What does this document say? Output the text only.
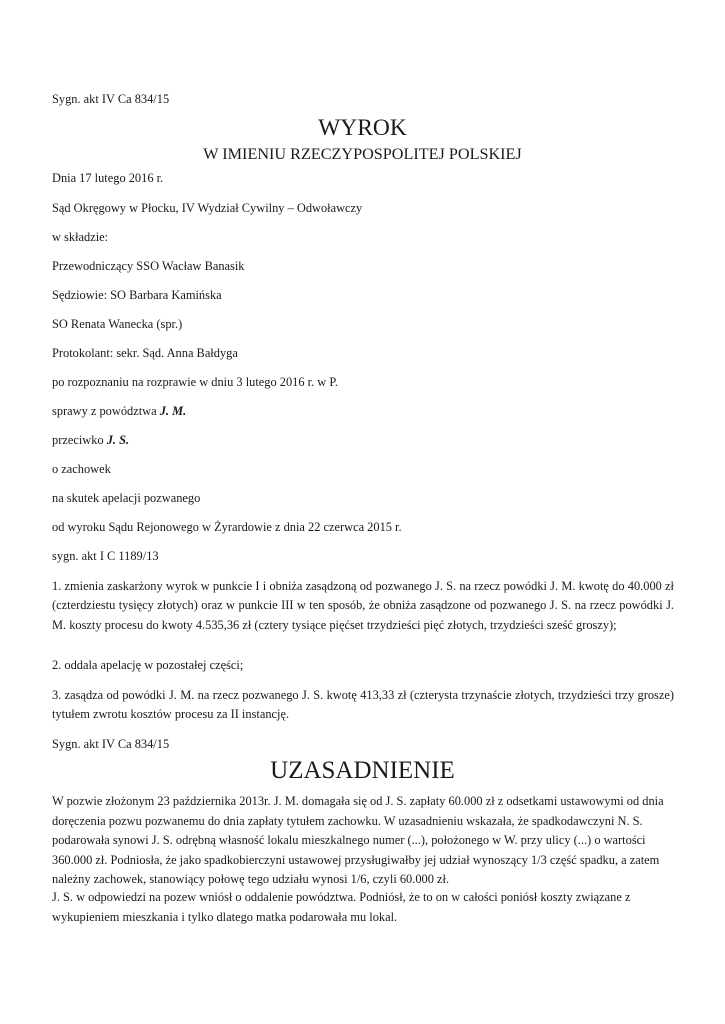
Sygn. akt IV Ca 834/15

WYROK
W IMIENIU RZECZYPOSPOLITEJ POLSKIEJ

Dnia 17 lutego 2016 r.

Sąd Okręgowy w Płocku, IV Wydział Cywilny – Odwoławczy

w składzie:

Przewodniczący SSO Wacław Banasik

Sędziowie: SO Barbara Kamińska

SO Renata Wanecka (spr.)

Protokolant: sekr. Sąd. Anna Bałdyga

po rozpoznaniu na rozprawie w dniu 3 lutego 2016 r. w P.

sprawy z powództwa J. M.

przeciwko J. S.

o zachowek

na skutek apelacji pozwanego

od wyroku Sądu Rejonowego w Żyrardowie z dnia 22 czerwca 2015 r.

sygn. akt I C 1189/13

1. zmienia zaskarżony wyrok w punkcie I i obniża zasądzoną od pozwanego J. S. na rzecz powódki J. M. kwotę do 40.000 zł (czterdziestu tysięcy złotych) oraz w punkcie III w ten sposób, że obniża zasądzone od pozwanego J. S. na rzecz powódki J. M. koszty procesu do kwoty 4.535,36 zł (cztery tysiące pięćset trzydzieści pięć złotych, trzydzieści sześć groszy);

2. oddala apelację w pozostałej części;

3. zasądza od powódki J. M. na rzecz pozwanego J. S. kwotę 413,33 zł (czterysta trzynaście złotych, trzydzieści trzy grosze) tytułem zwrotu kosztów procesu za II instancję.

Sygn. akt IV Ca 834/15

UZASADNIENIE

W pozwie złożonym 23 października 2013r. J. M. domagała się od J. S. zapłaty 60.000 zł z odsetkami ustawowymi od dnia doręczenia pozwu pozwanemu do dnia zapłaty tytułem zachowku. W uzasadnieniu wskazała, że spadkodawczyni N. S. podarowała synowi J. S. odrębną własność lokalu mieszkalnego numer (...), położonego w W. przy ulicy (...) o wartości 360.000 zł. Podniosła, że jako spadkobierczyni ustawowej przysługiwałby jej udział wynoszący 1/3 część spadku, a zatem należny zachowek, stanowiący połowę tego udziału wynosi 1/6, czyli 60.000 zł.

J. S. w odpowiedzi na pozew wniósł o oddalenie powództwa. Podniósł, że to on w całości poniósł koszty związane z wykupieniem mieszkania i tylko dlatego matka podarowała mu lokal.
